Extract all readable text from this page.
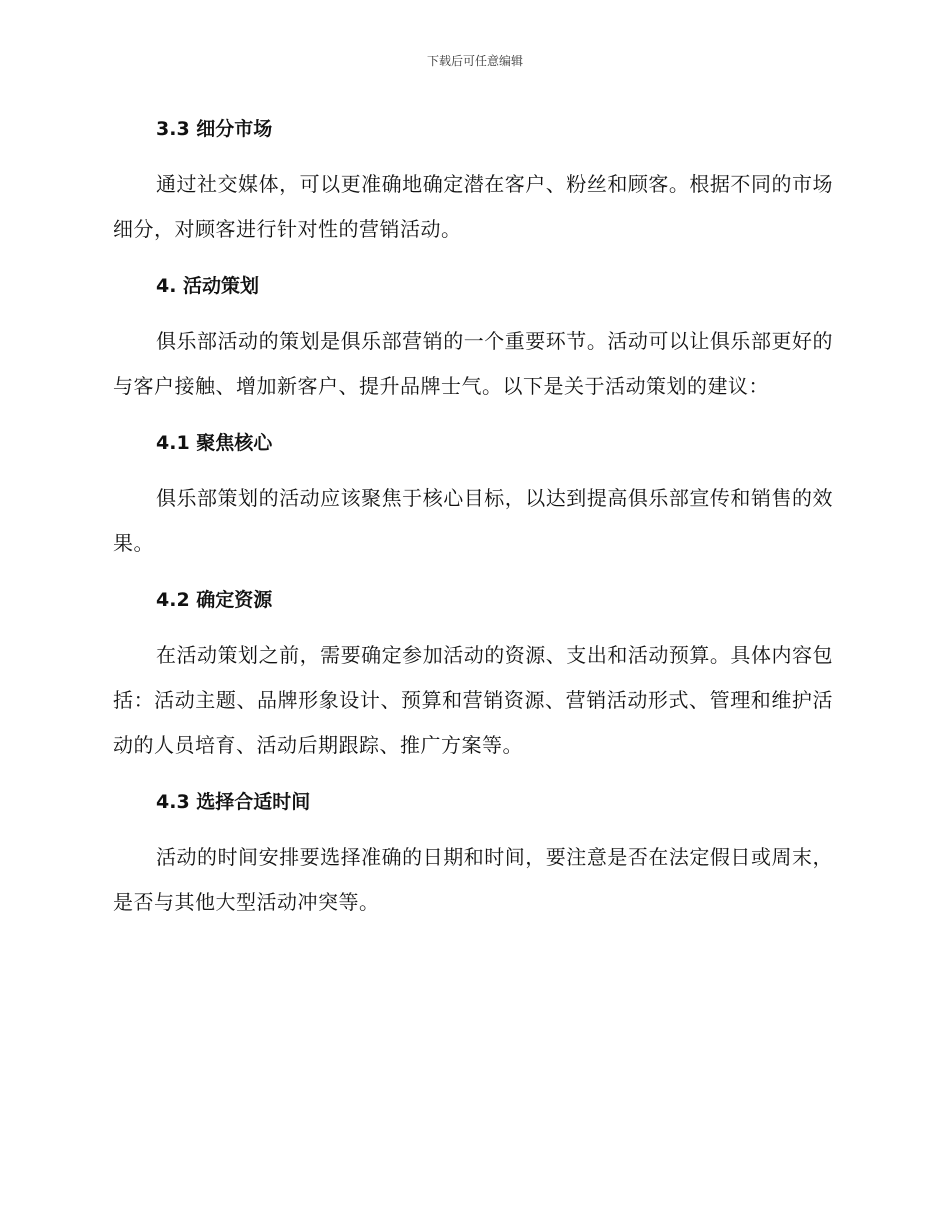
下载后可任意编辑
3.3 细分市场

通过社交媒体，可以更准确地确定潜在客户、粉丝和顾客。根据不同的市场细分，对顾客进行针对性的营销活动。

4. 活动策划

俱乐部活动的策划是俱乐部营销的一个重要环节。活动可以让俱乐部更好的与客户接触、增加新客户、提升品牌士气。以下是关于活动策划的建议：

4.1 聚焦核心

俱乐部策划的活动应该聚焦于核心目标，以达到提高俱乐部宣传和销售的效果。

4.2 确定资源

在活动策划之前，需要确定参加活动的资源、支出和活动预算。具体内容包括：活动主题、品牌形象设计、预算和营销资源、营销活动形式、管理和维护活动的人员培育、活动后期跟踪、推广方案等。

4.3 选择合适时间

活动的时间安排要选择准确的日期和时间，要注意是否在法定假日或周末，是否与其他大型活动冲突等。
